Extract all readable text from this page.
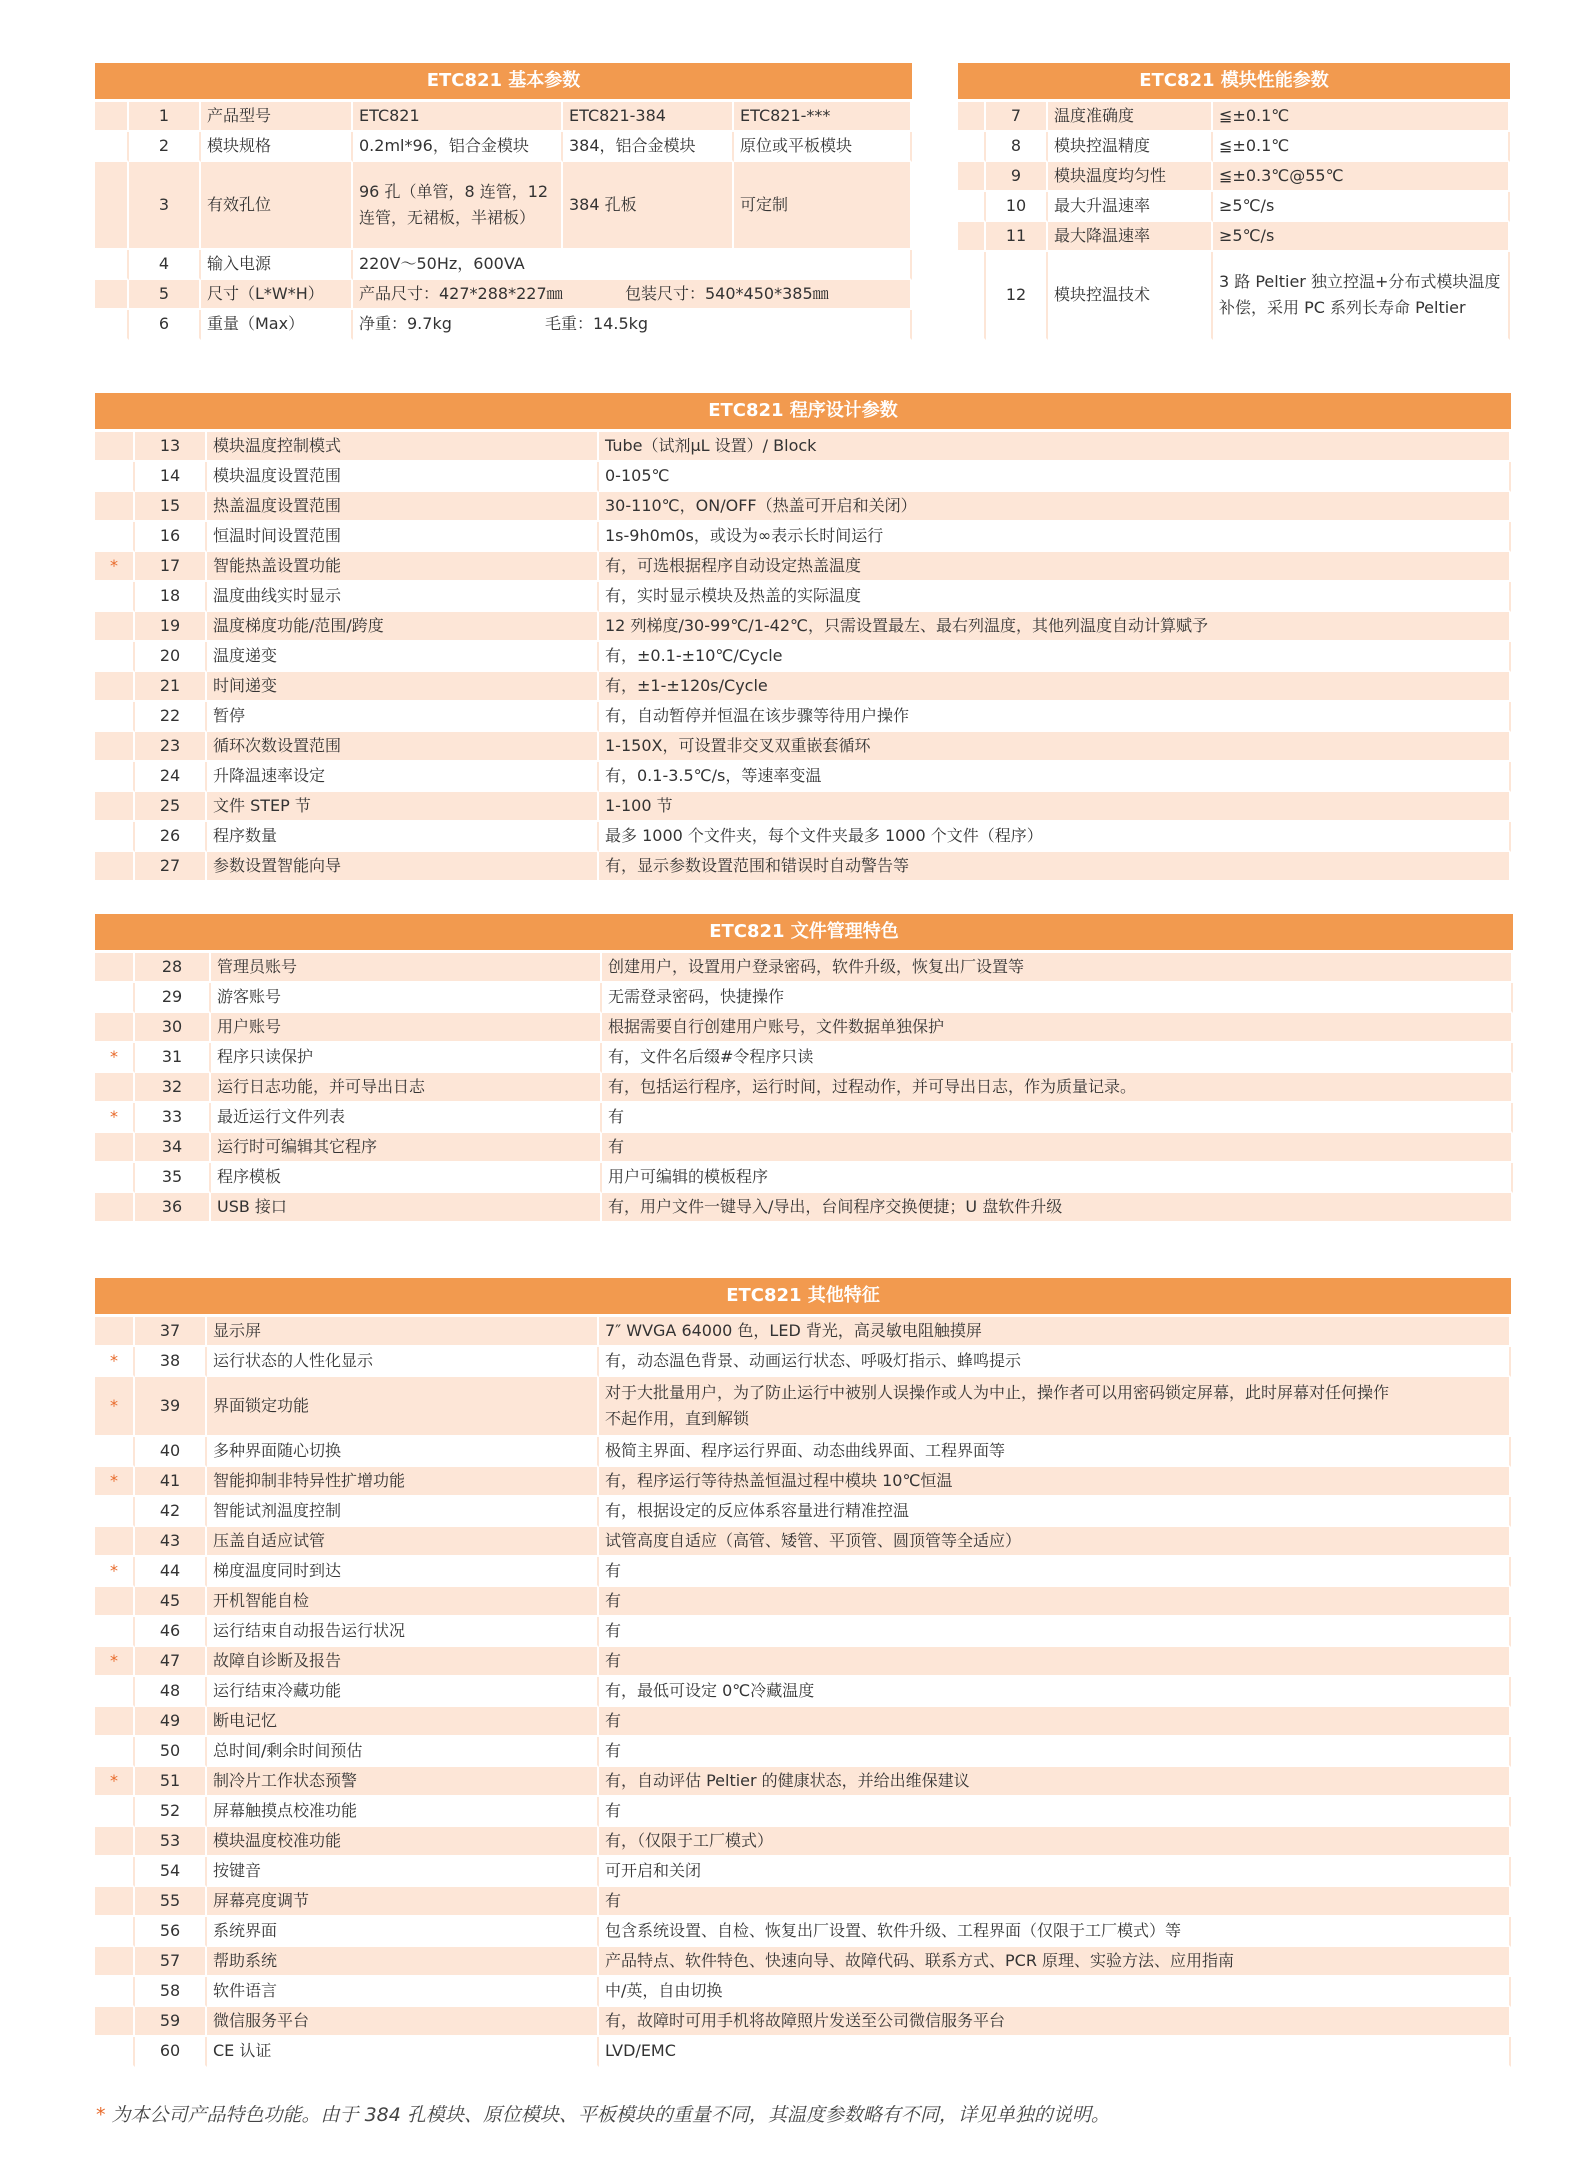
ETC821 基本参数
	1	产品型号	ETC821	ETC821-384	ETC821-***
	2	模块规格	0.2ml*96，铝合金模块	384，铝合金模块	原位或平板模块
	3	有效孔位	96 孔（单管，8 连管，12 连管，无裙板，半裙板）	384 孔板	可定制
	4	输入电源	220V～50Hz，600VA		
	5	尺寸（L*W*H）	产品尺寸：427*288*227㎜ 包装尺寸：540*450*385㎜		
	6	重量（Max）	净重：9.7kg 毛重：14.5kg		
ETC821 模块性能参数
	7	温度准确度	≦±0.1℃
	8	模块控温精度	≦±0.1℃
	9	模块温度均匀性	≦±0.3℃@55℃
	10	最大升温速率	≥5℃/s
	11	最大降温速率	≥5℃/s
	12	模块控温技术	3 路 Peltier 独立控温+分布式模块温度补偿，采用 PC 系列长寿命 Peltier
ETC821 程序设计参数
	13	模块温度控制模式	Tube（试剂μL 设置）/ Block
	14	模块温度设置范围	0-105℃
	15	热盖温度设置范围	30-110℃，ON/OFF（热盖可开启和关闭）
	16	恒温时间设置范围	1s-9h0m0s，或设为∞表示长时间运行
*	17	智能热盖设置功能	有，可选根据程序自动设定热盖温度
	18	温度曲线实时显示	有，实时显示模块及热盖的实际温度
	19	温度梯度功能/范围/跨度	12 列梯度/30-99℃/1-42℃，只需设置最左、最右列温度，其他列温度自动计算赋予
	20	温度递变	有，±0.1-±10℃/Cycle
	21	时间递变	有，±1-±120s/Cycle
	22	暂停	有，自动暂停并恒温在该步骤等待用户操作
	23	循环次数设置范围	1-150X，可设置非交叉双重嵌套循环
	24	升降温速率设定	有，0.1-3.5℃/s，等速率变温
	25	文件 STEP 节	1-100 节
	26	程序数量	最多 1000 个文件夹，每个文件夹最多 1000 个文件（程序）
	27	参数设置智能向导	有，显示参数设置范围和错误时自动警告等
ETC821 文件管理特色
	28	管理员账号	创建用户，设置用户登录密码，软件升级，恢复出厂设置等
	29	游客账号	无需登录密码，快捷操作
	30	用户账号	根据需要自行创建用户账号，文件数据单独保护
*	31	程序只读保护	有，文件名后缀#令程序只读
	32	运行日志功能，并可导出日志	有，包括运行程序，运行时间，过程动作，并可导出日志，作为质量记录。
*	33	最近运行文件列表	有
	34	运行时可编辑其它程序	有
	35	程序模板	用户可编辑的模板程序
	36	USB 接口	有，用户文件一键导入/导出，台间程序交换便捷；U 盘软件升级
ETC821 其他特征
	37	显示屏	7″ WVGA 64000 色，LED 背光，高灵敏电阻触摸屏
*	38	运行状态的人性化显示	有，动态温色背景、动画运行状态、呼吸灯指示、蜂鸣提示
*	39	界面锁定功能	对于大批量用户，为了防止运行中被别人误操作或人为中止，操作者可以用密码锁定屏幕，此时屏幕对任何操作不起作用，直到解锁
	40	多种界面随心切换	极简主界面、程序运行界面、动态曲线界面、工程界面等
*	41	智能抑制非特异性扩增功能	有，程序运行等待热盖恒温过程中模块 10℃恒温
	42	智能试剂温度控制	有，根据设定的反应体系容量进行精准控温
	43	压盖自适应试管	试管高度自适应（高管、矮管、平顶管、圆顶管等全适应）
*	44	梯度温度同时到达	有
	45	开机智能自检	有
	46	运行结束自动报告运行状况	有
*	47	故障自诊断及报告	有
	48	运行结束冷藏功能	有，最低可设定 0℃冷藏温度
	49	断电记忆	有
	50	总时间/剩余时间预估	有
*	51	制冷片工作状态预警	有，自动评估 Peltier 的健康状态，并给出维保建议
	52	屏幕触摸点校准功能	有
	53	模块温度校准功能	有，（仅限于工厂模式）
	54	按键音	可开启和关闭
	55	屏幕亮度调节	有
	56	系统界面	包含系统设置、自检、恢复出厂设置、软件升级、工程界面（仅限于工厂模式）等
	57	帮助系统	产品特点、软件特色、快速向导、故障代码、联系方式、PCR 原理、实验方法、应用指南
	58	软件语言	中/英，自由切换
	59	微信服务平台	有，故障时可用手机将故障照片发送至公司微信服务平台
	60	CE 认证	LVD/EMC
* 为本公司产品特色功能。由于 384 孔模块、原位模块、平板模块的重量不同，其温度参数略有不同，详见单独的说明。
